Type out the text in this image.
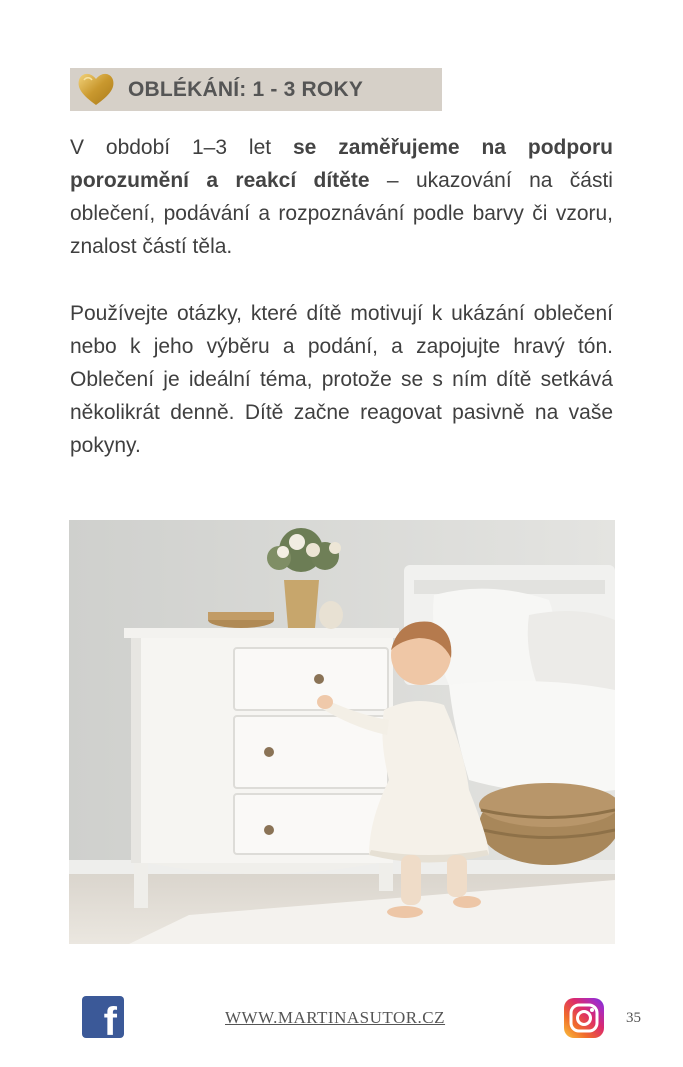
OBLÉKÁNÍ: 1 - 3 ROKY

V období 1–3 let se zaměřujeme na podporu porozumění a reakcí dítěte – ukazování na části oblečení, podávání a rozpoznávání podle barvy či vzoru, znalost částí těla.

Používejte otázky, které dítě motivují k ukázání oblečení nebo k jeho výběru a podání, a zapojujte hravý tón. Oblečení je ideální téma, protože se s ním dítě setkává několikrát denně. Dítě začne reagovat pasivně na vaše pokyny.

f	WWW.MARTINASUTOR.CZ	35
